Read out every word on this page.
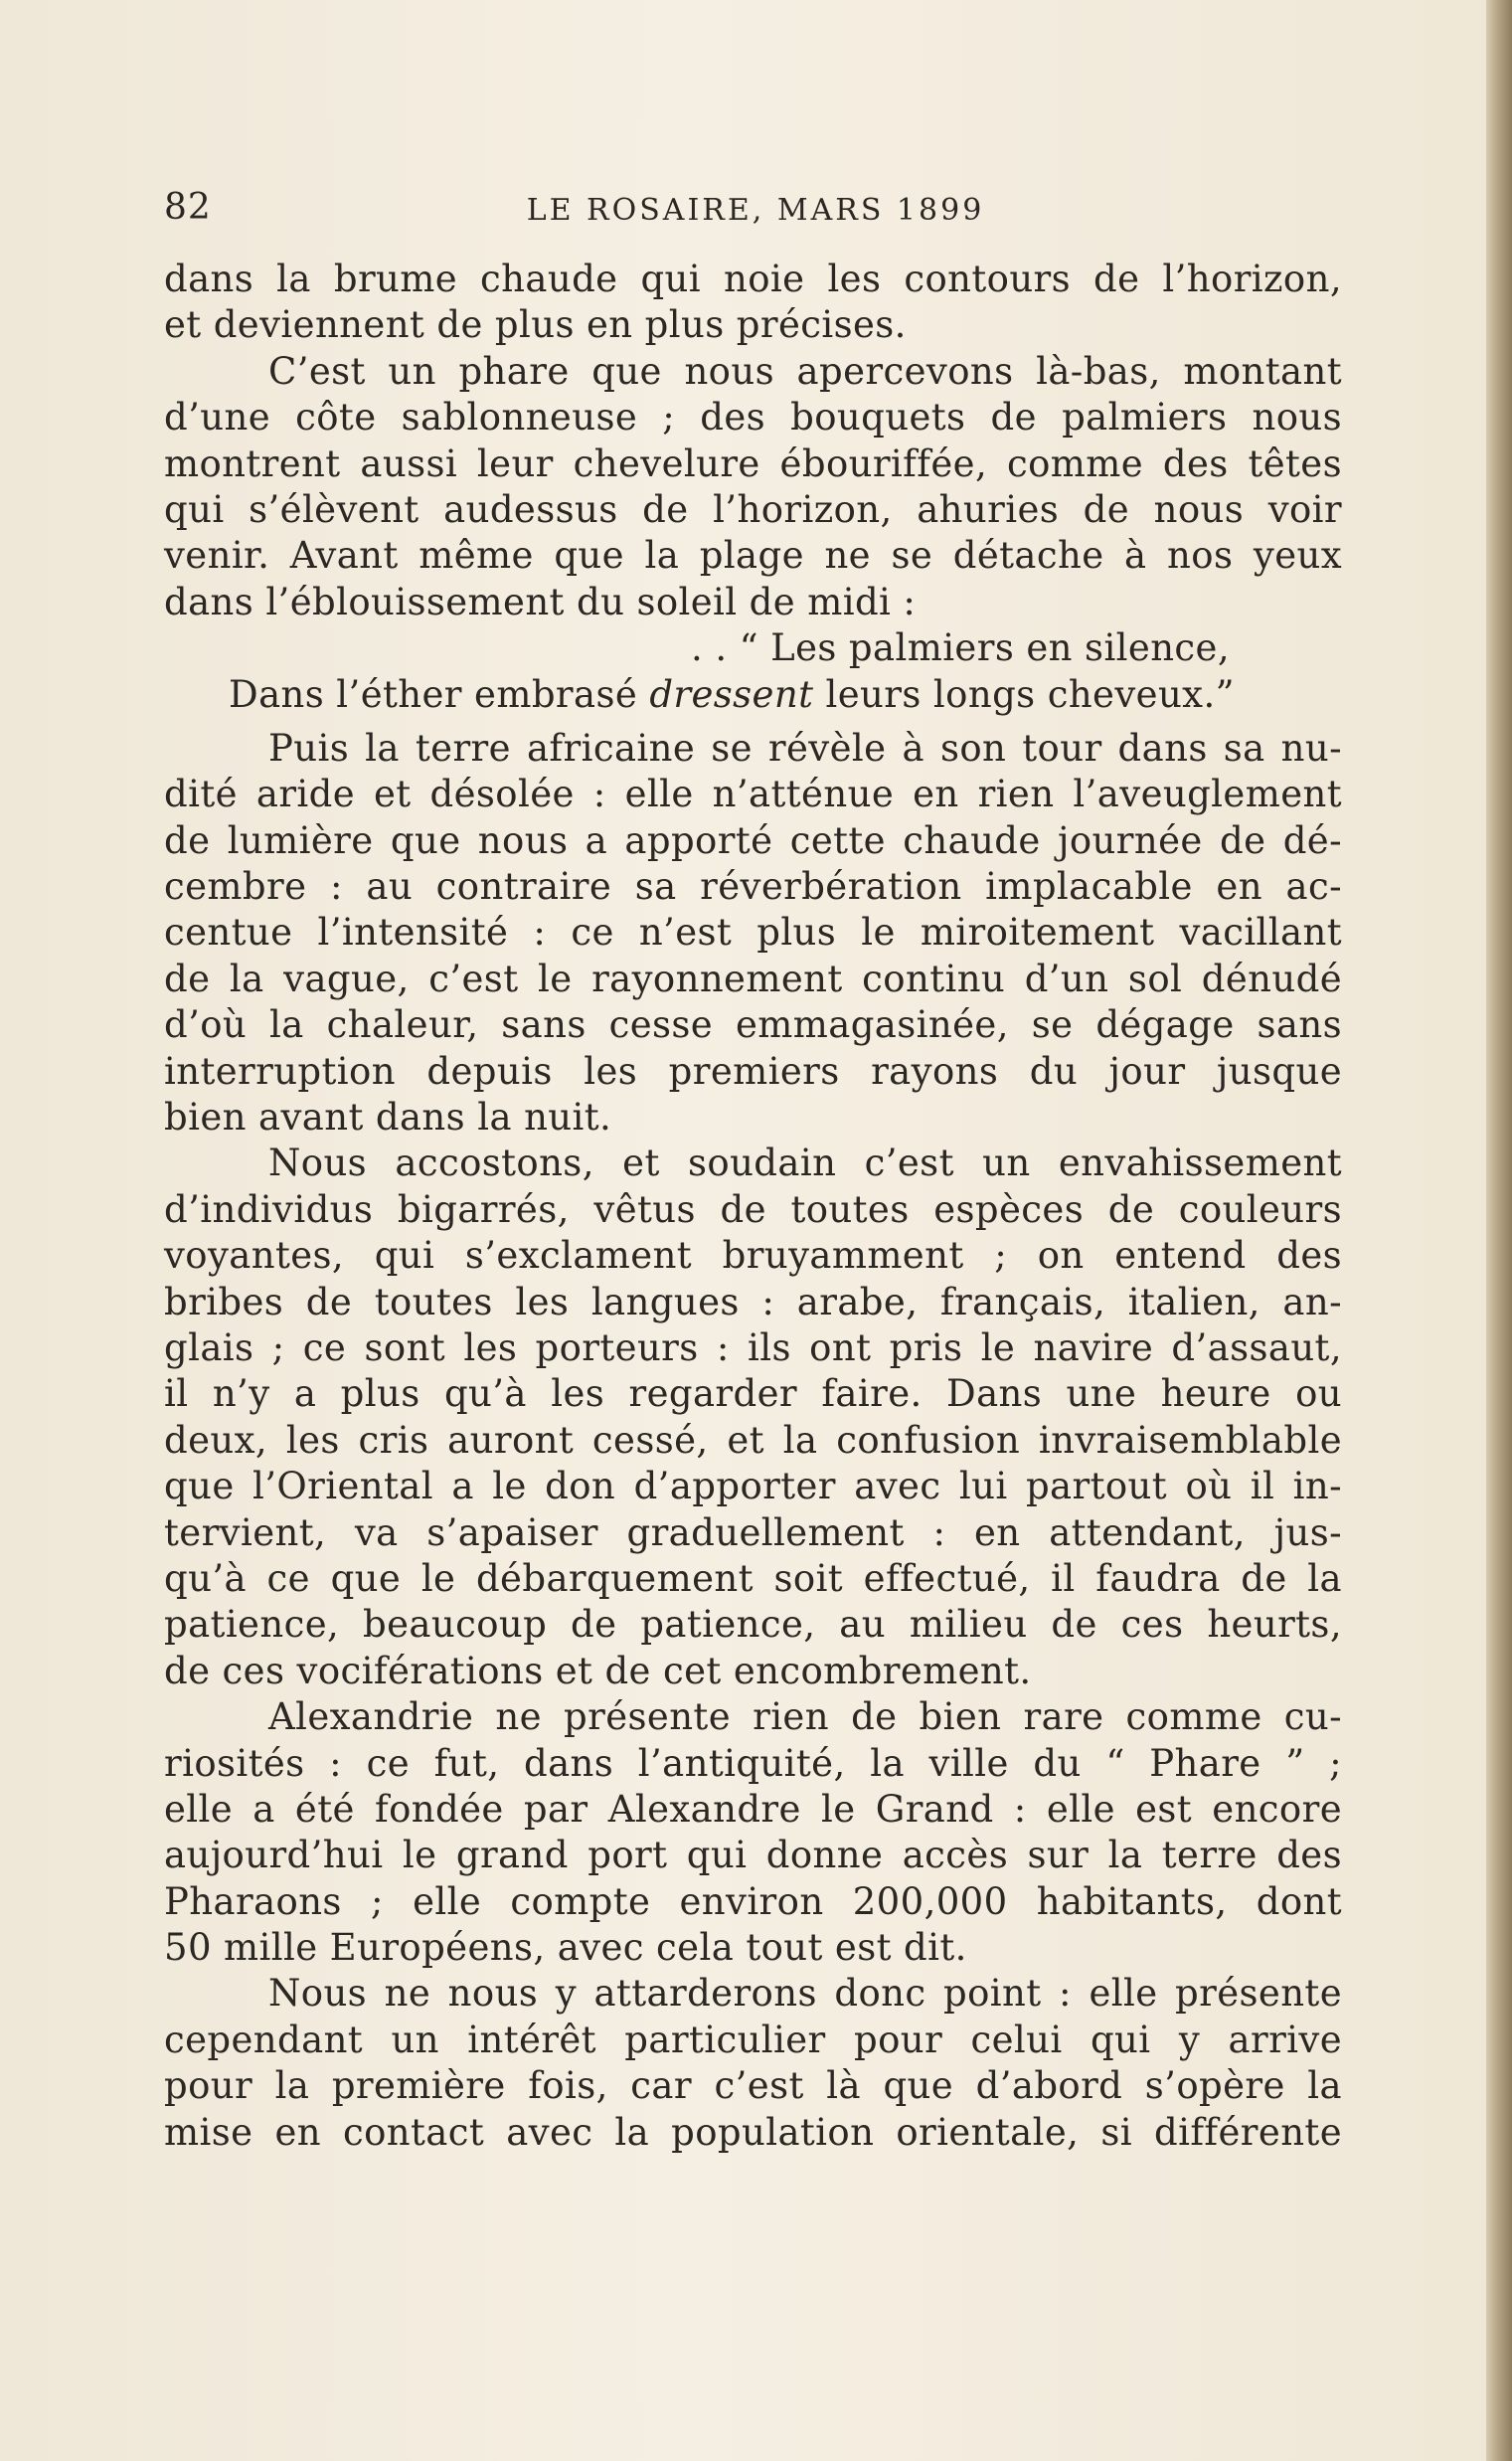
82	LE ROSAIRE, MARS 1899
dans la brume chaude qui noie les contours de l’horizon,
et deviennent de plus en plus précises.
C’est un phare que nous apercevons là-bas, montant
d’une côte sablonneuse ; des bouquets de palmiers nous
montrent aussi leur chevelure ébouriffée, comme des têtes
qui s’élèvent audessus de l’horizon, ahuries de nous voir
venir. Avant même que la plage ne se détache à nos yeux
dans l’éblouissement du soleil de midi :
. . “ Les palmiers en silence,
Dans l’éther embrasé dressent leurs longs cheveux.”
Puis la terre africaine se révèle à son tour dans sa nu-
dité aride et désolée : elle n’atténue en rien l’aveuglement
de lumière que nous a apporté cette chaude journée de dé-
cembre : au contraire sa réverbération implacable en ac-
centue l’intensité : ce n’est plus le miroitement vacillant
de la vague, c’est le rayonnement continu d’un sol dénudé
d’où la chaleur, sans cesse emmagasinée, se dégage sans
interruption depuis les premiers rayons du jour jusque
bien avant dans la nuit.
Nous accostons, et soudain c’est un envahissement
d’individus bigarrés, vêtus de toutes espèces de couleurs
voyantes, qui s’exclament bruyamment ; on entend des
bribes de toutes les langues : arabe, français, italien, an-
glais ; ce sont les porteurs : ils ont pris le navire d’assaut,
il n’y a plus qu’à les regarder faire. Dans une heure ou
deux, les cris auront cessé, et la confusion invraisemblable
que l’Oriental a le don d’apporter avec lui partout où il in-
tervient, va s’apaiser graduellement : en attendant, jus-
qu’à ce que le débarquement soit effectué, il faudra de la
patience, beaucoup de patience, au milieu de ces heurts,
de ces vociférations et de cet encombrement.
Alexandrie ne présente rien de bien rare comme cu-
riosités : ce fut, dans l’antiquité, la ville du “ Phare ” ;
elle a été fondée par Alexandre le Grand : elle est encore
aujourd’hui le grand port qui donne accès sur la terre des
Pharaons ; elle compte environ 200,000 habitants, dont
50 mille Européens, avec cela tout est dit.
Nous ne nous y attarderons donc point : elle présente
cependant un intérêt particulier pour celui qui y arrive
pour la première fois, car c’est là que d’abord s’opère la
mise en contact avec la population orientale, si différente
